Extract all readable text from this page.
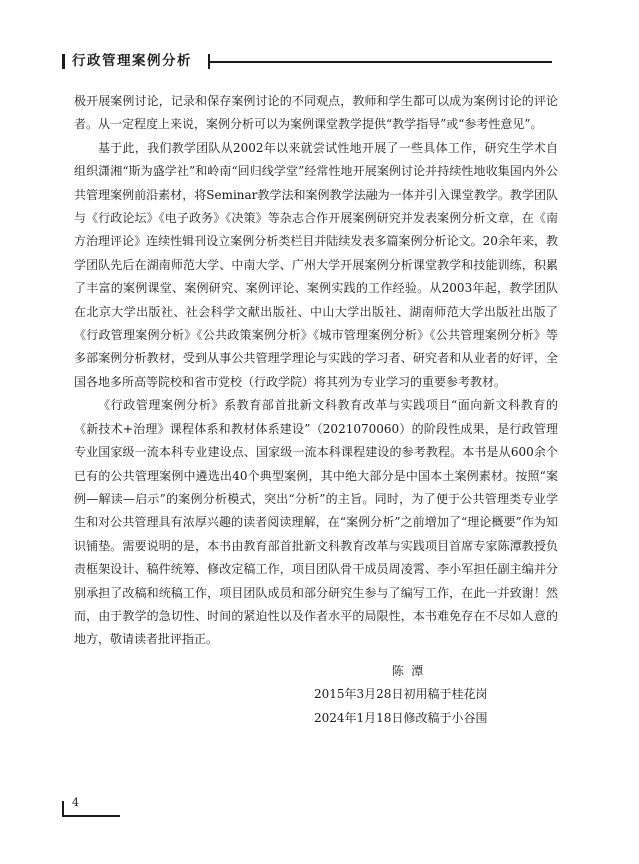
行政管理案例分析

极开展案例讨论，记录和保存案例讨论的不同观点，教师和学生都可以成为案例讨论的评论者。从一定程度上来说，案例分析可以为案例课堂教学提供“教学指导”或“参考性意见”。

基于此，我们教学团队从2002年以来就尝试性地开展了一些具体工作，研究生学术自组织潇湘“斯为盛学社”和岭南“回归线学堂”经常性地开展案例讨论并持续性地收集国内外公共管理案例前沿素材，将Seminar教学法和案例教学法融为一体并引入课堂教学。教学团队与《行政论坛》《电子政务》《决策》等杂志合作开展案例研究并发表案例分析文章，在《南方治理评论》连续性辑刊设立案例分析类栏目并陆续发表多篇案例分析论文。20余年来，教学团队先后在湖南师范大学、中南大学、广州大学开展案例分析课堂教学和技能训练，积累了丰富的案例课堂、案例研究、案例评论、案例实践的工作经验。从2003年起，教学团队在北京大学出版社、社会科学文献出版社、中山大学出版社、湖南师范大学出版社出版了《行政管理案例分析》《公共政策案例分析》《城市管理案例分析》《公共管理案例分析》等多部案例分析教材，受到从事公共管理学理论与实践的学习者、研究者和从业者的好评，全国各地多所高等院校和省市党校（行政学院）将其列为专业学习的重要参考教材。

《行政管理案例分析》系教育部首批新文科教育改革与实践项目“面向新文科教育的《新技术+治理》课程体系和教材体系建设”（2021070060）的阶段性成果，是行政管理专业国家级一流本科专业建设点、国家级一流本科课程建设的参考教程。本书是从600余个已有的公共管理案例中遴选出40个典型案例，其中绝大部分是中国本土案例素材。按照“案例—解读—启示”的案例分析模式，突出“分析”的主旨。同时，为了便于公共管理类专业学生和对公共管理具有浓厚兴趣的读者阅读理解，在“案例分析”之前增加了“理论概要”作为知识铺垫。需要说明的是，本书由教育部首批新文科教育改革与实践项目首席专家陈潭教授负责框架设计、稿件统筹、修改定稿工作，项目团队骨干成员周凌霄、李小军担任副主编并分别承担了改稿和统稿工作，项目团队成员和部分研究生参与了编写工作，在此一并致谢！然而，由于教学的急切性、时间的紧迫性以及作者水平的局限性，本书难免存在不尽如人意的地方，敬请读者批评指正。

陈潭
2015年3月28日初用稿于桂花岗
2024年1月18日修改稿于小谷围
4
